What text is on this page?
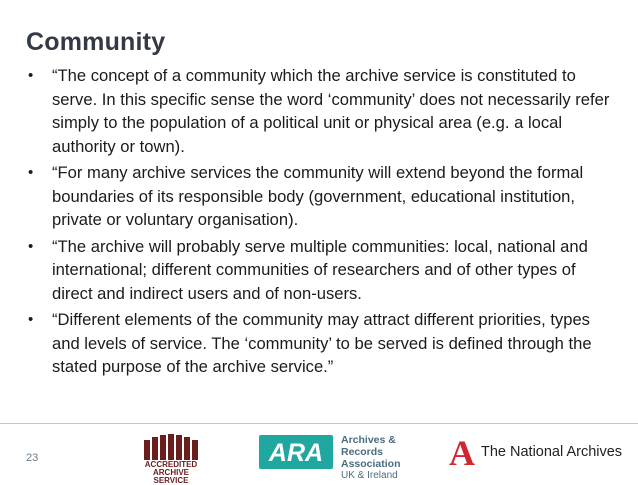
Community
•	“The concept of a community which the archive service is constituted to serve. In this specific sense the word ‘community’ does not necessarily refer simply to the population of a political unit or physical area (e.g. a local authority or town).
•	“For many archive services the community will extend beyond the formal boundaries of its responsible body (government, educational institution, private or voluntary organisation).
•	“The archive will probably serve multiple communities: local, national and international; different communities of researchers and of other types of direct and indirect users and of non-users.
•	“Different elements of the community may attract different priorities, types and levels of service. The ‘community’ to be served is defined through the stated purpose of the archive service.”
23
ACCREDITED
ARCHIVE SERVICE
ARA Archives & Records
Association
UK & Ireland
A The National Archives
